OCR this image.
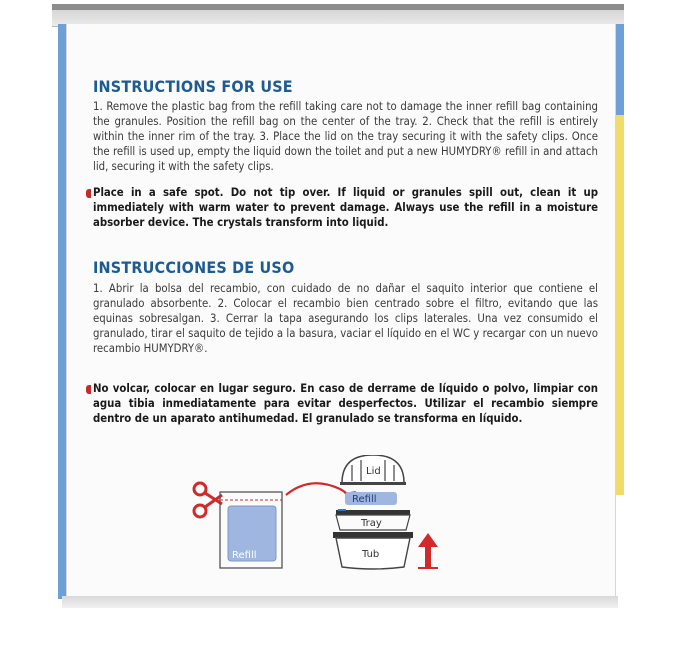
INSTRUCTIONS FOR USE
1. Remove the plastic bag from the refill taking care not to damage the inner refill bag containing the granules. Position the refill bag on the center of the tray. 2. Check that the refill is entirely within the inner rim of the tray. 3. Place the lid on the tray securing it with the safety clips. Once the refill is used up, empty the liquid down the toilet and put a new HUMYDRY® refill in and attach lid, securing it with the safety clips.
Place in a safe spot. Do not tip over. If liquid or granules spill out, clean it up immediately with warm water to prevent damage. Always use the refill in a moisture absorber device. The crystals transform into liquid.
INSTRUCCIONES DE USO
1. Abrir la bolsa del recambio, con cuidado de no dañar el saquito interior que contiene el granulado absorbente. 2. Colocar el recambio bien centrado sobre el filtro, evitando que las equinas sobresalgan. 3. Cerrar la tapa asegurando los clips laterales. Una vez consumido el granulado, tirar el saquito de tejido a la basura, vaciar el líquido en el WC y recargar con un nuevo recambio HUMYDRY®.
No volcar, colocar en lugar seguro. En caso de derrame de líquido o polvo, limpiar con agua tibia inmediatamente para evitar desperfectos. Utilizar el recambio siempre dentro de un aparato antihumedad. El granulado se transforma en líquido.
Refill
Lid
Refill
Tray
Tub
